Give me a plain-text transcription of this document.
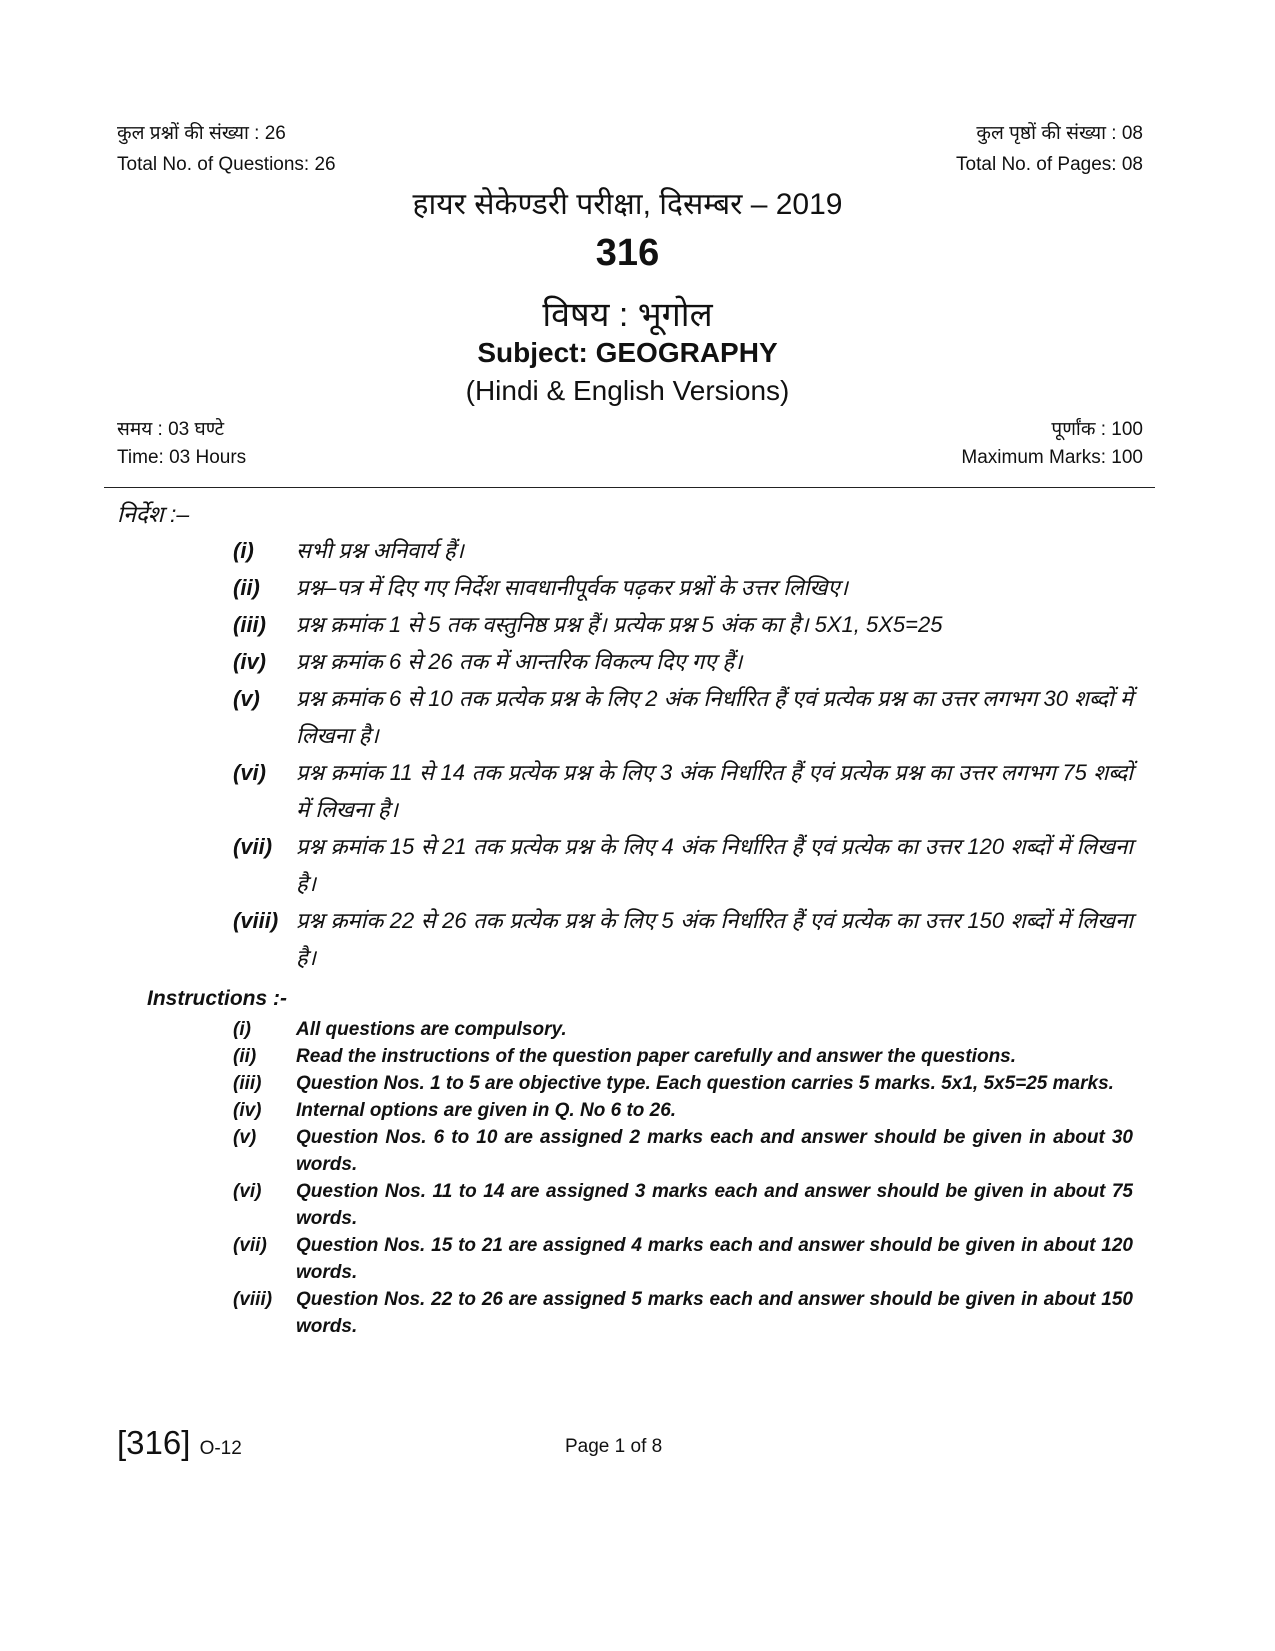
कुल प्रश्नों की संख्या : 26
Total No. of Questions: 26
कुल पृष्ठों की संख्या : 08
Total No. of Pages: 08
हायर सेकेण्डरी परीक्षा, दिसम्बर – 2019
316
विषय : भूगोल
Subject: GEOGRAPHY
(Hindi & English Versions)
समय : 03 घण्टे
Time: 03 Hours
पूर्णांक : 100
Maximum Marks: 100
निर्देश :–
(i)	सभी प्रश्न अनिवार्य हैं।
(ii)	प्रश्न–पत्र में दिए गए निर्देश सावधानीपूर्वक पढ़कर प्रश्नों के उत्तर लिखिए।
(iii)	प्रश्न क्रमांक 1 से 5 तक वस्तुनिष्ठ प्रश्न हैं। प्रत्येक प्रश्न 5 अंक का है। 5X1, 5X5=25
(iv)	प्रश्न क्रमांक 6 से 26 तक में आन्तरिक विकल्प दिए गए हैं।
(v)	प्रश्न क्रमांक 6 से 10 तक प्रत्येक प्रश्न के लिए 2 अंक निर्धारित हैं एवं प्रत्येक प्रश्न का उत्तर लगभग 30 शब्दों में लिखना है।
(vi)	प्रश्न क्रमांक 11 से 14 तक प्रत्येक प्रश्न के लिए 3 अंक निर्धारित हैं एवं प्रत्येक प्रश्न का उत्तर लगभग 75 शब्दों में लिखना है।
(vii)	प्रश्न क्रमांक 15 से 21 तक प्रत्येक प्रश्न के लिए 4 अंक निर्धारित हैं एवं प्रत्येक का उत्तर 120 शब्दों में लिखना है।
(viii) प्रश्न क्रमांक 22 से 26 तक प्रत्येक प्रश्न के लिए 5 अंक निर्धारित हैं एवं प्रत्येक का उत्तर 150 शब्दों में लिखना है।
Instructions :-
(i)	All questions are compulsory.
(ii)	Read the instructions of the question paper carefully and answer the questions.
(iii)	Question Nos. 1 to 5 are objective type. Each question carries 5 marks. 5x1, 5x5=25 marks.
(iv)	Internal options are given in Q. No 6 to 26.
(v)	Question Nos. 6 to 10 are assigned 2 marks each and answer should be given in about 30 words.
(vi)	Question Nos. 11 to 14 are assigned 3 marks each and answer should be given in about 75 words.
(vii)	Question Nos. 15 to 21 are assigned 4 marks each and answer should be given in about 120 words.
(viii)	Question Nos. 22 to 26 are assigned 5 marks each and answer should be given in about 150 words.
[316] O-12	Page 1 of 8
